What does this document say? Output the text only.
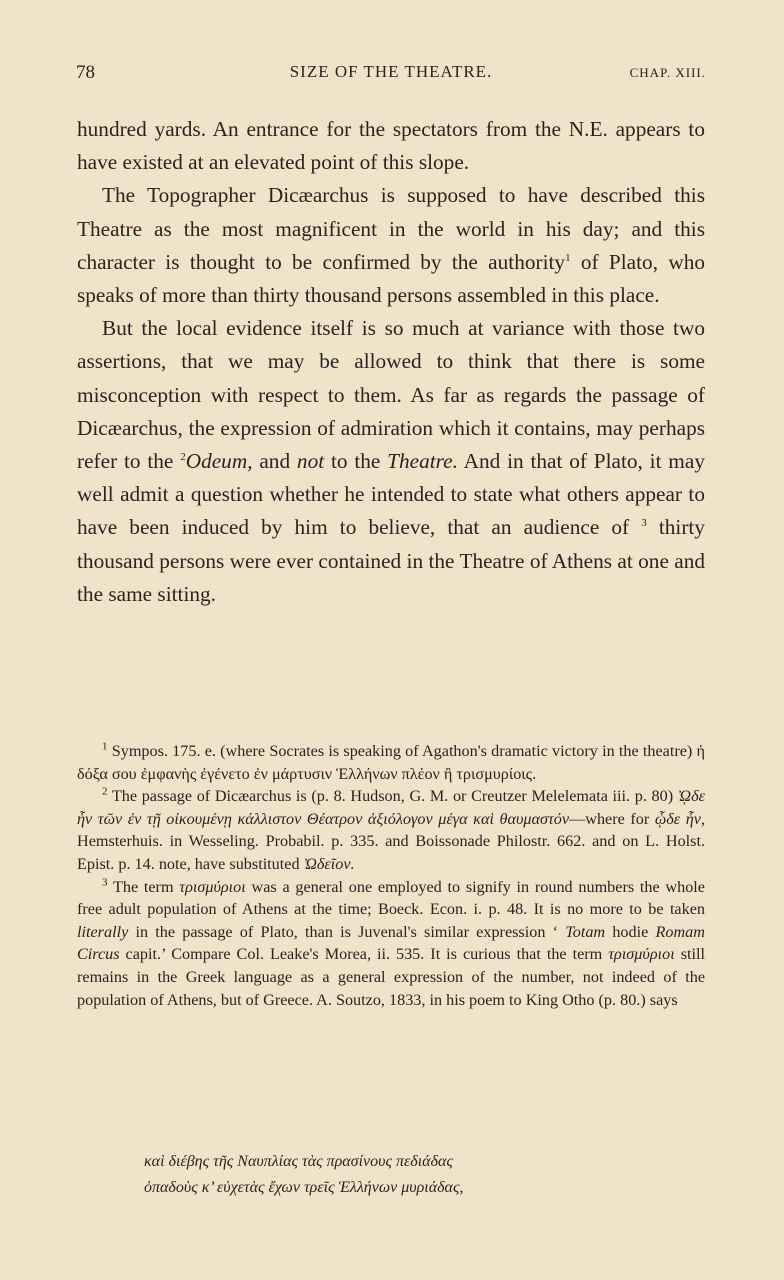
78	SIZE OF THE THEATRE.	CHAP. XIII.

hundred yards. An entrance for the spectators from the N.E. appears to have existed at an elevated point of this slope.

The Topographer Dicæarchus is supposed to have described this Theatre as the most magnificent in the world in his day; and this character is thought to be confirmed by the authority$^1$ of Plato, who speaks of more than thirty thousand persons assembled in this place.

But the local evidence itself is so much at variance with those two assertions, that we may be allowed to think that there is some misconception with respect to them. As far as regards the passage of Dicæarchus, the expression of admiration which it contains, may perhaps refer to the $^2$Odeum, and not to the Theatre. And in that of Plato, it may well admit a question whether he intended to state what others appear to have been induced by him to believe, that an audience of $^3$ thirty thousand persons were ever contained in the Theatre of Athens at one and the same sitting.

$^1$ Sympos. 175. e. (where Socrates is speaking of Agathon's dramatic victory in the theatre) ἡ δόξα σου ἐμφανὴς ἐγένετο ἐν μάρτυσιν Ἑλλήνων πλέον ἢ τρισμυρίοις.

$^2$ The passage of Dicæarchus is (p. 8. Hudson, G. M. or Creutzer Melelemata iii. p. 80) ᾨδε ἦν τῶν ἐν τῇ οἰκουμένῃ κάλλιστον Θέατρον ἀξιόλογον μέγα καὶ θαυμαστόν—where for ᾧδε ἦν, Hemsterhuis. in Wesseling. Probabil. p. 335. and Boissonade Philostr. 662. and on L. Holst. Epist. p. 14. note, have substituted Ὠδεῖον.

$^3$ The term τρισμύριοι was a general one employed to signify in round numbers the whole free adult population of Athens at the time; Boeck. Econ. i. p. 48. It is no more to be taken literally in the passage of Plato, than is Juvenal's similar expression ‘ Totam hodie Romam Circus capit.’ Compare Col. Leake's Morea, ii. 535. It is curious that the term τρισμύριοι still remains in the Greek language as a general expression of the number, not indeed of the population of Athens, but of Greece. A. Soutzo, 1833, in his poem to King Otho (p. 80.) says

καὶ διέβης τῆς Ναυπλίας τὰς πρασίνους πεδιάδας
ὀπαδοὺς κ’ εὐχετὰς ἔχων τρεῖς Ἑλλήνων μυριάδας,
